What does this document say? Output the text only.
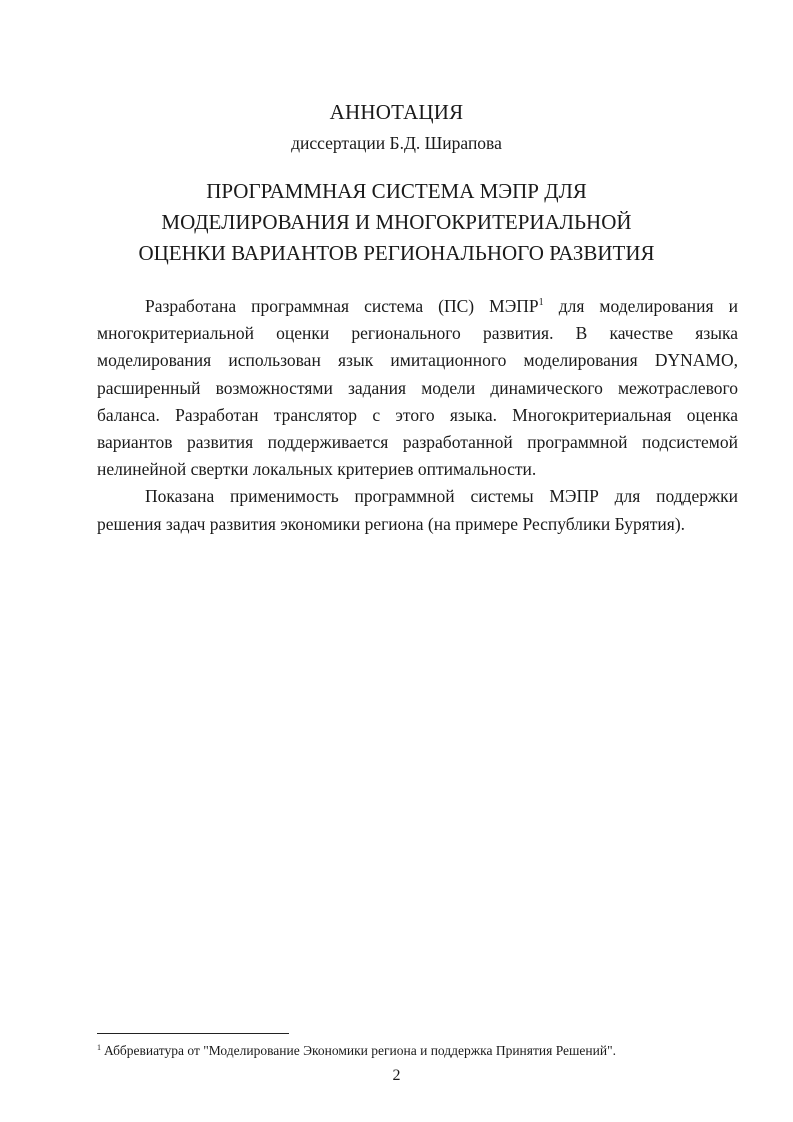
АННОТАЦИЯ
диссертации Б.Д. Ширапова
ПРОГРАММНАЯ СИСТЕМА МЭПР ДЛЯ
МОДЕЛИРОВАНИЯ И МНОГОКРИТЕРИАЛЬНОЙ
ОЦЕНКИ ВАРИАНТОВ РЕГИОНАЛЬНОГО РАЗВИТИЯ

Разработана программная система (ПС) МЭПР$^1$ для моделирования и многокритериальной оценки регионального развития. В качестве языка моделирования использован язык имитационного моделирования DYNAMO, расширенный возможностями задания модели динамического межотраслевого баланса. Разработан транслятор с этого языка. Многокритериальная оценка вариантов развития поддерживается разработанной программной подсистемой нелинейной свертки локальных критериев оптимальности.

Показана применимость программной системы МЭПР для поддержки решения задач развития экономики региона (на примере Республики Бурятия).

$^1$ Аббревиатура от "Моделирование Экономики региона и поддержка Принятия Решений".
2
